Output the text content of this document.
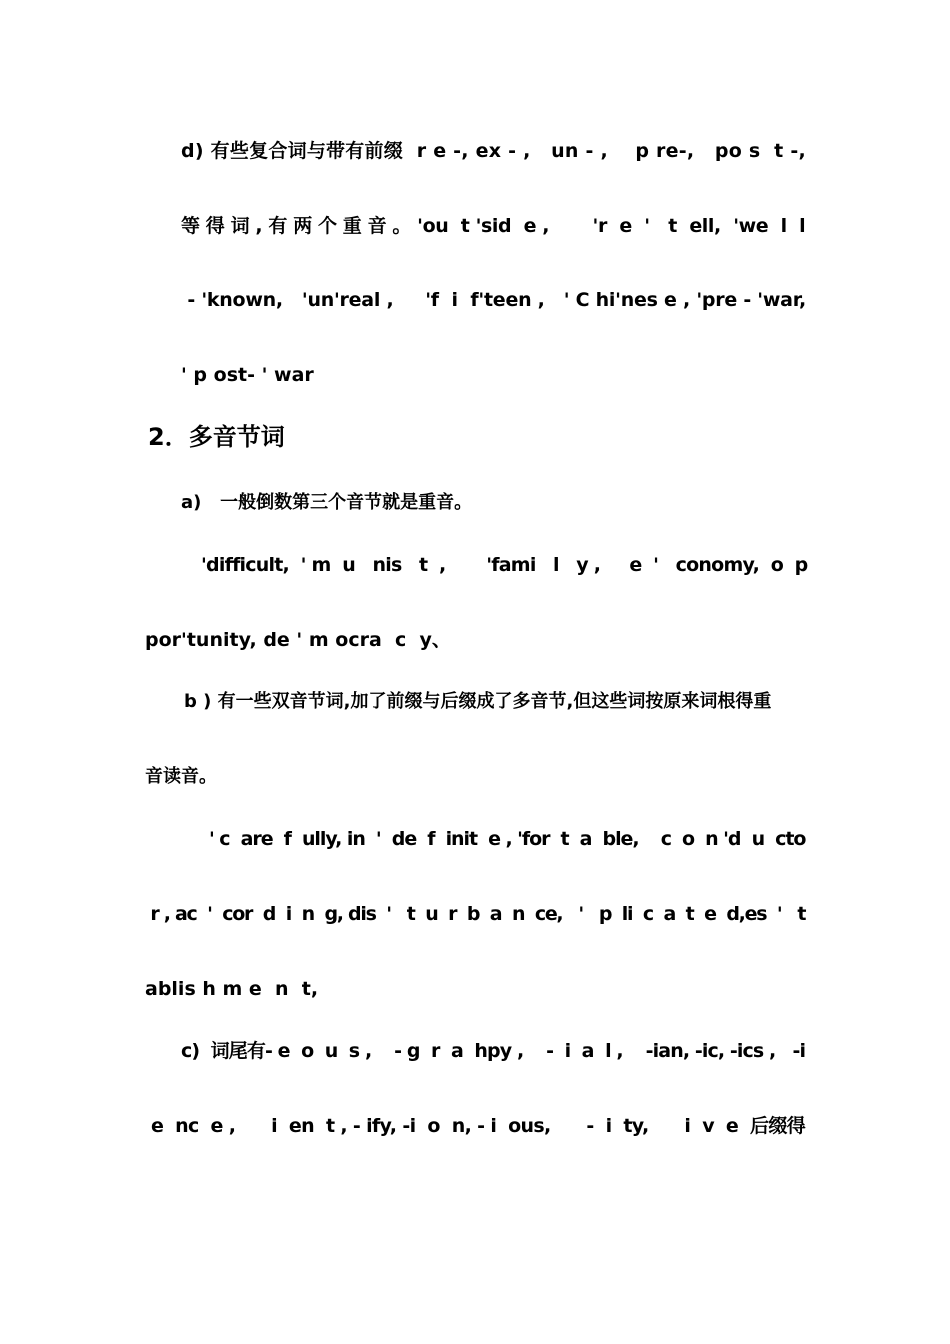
d) 有些复合词与带有前缀  r e -, ex - ,   un - ,    p re-,   po s  t -,
等 得 词 , 有 两 个 重 音 。 'ou  t 'sid  e ,       'r  e  '   t  ell,  'we  l  l
- 'known,   'un'real ,     'f  i  f'teen ,   ' C hi'nes e , 'pre - 'war,
' p ost- ' war
2．多音节词
a)   一般倒数第三个音节就是重音。
'difficult,  ' m  u   nis   t  ,       'fami   l   y ,     e  '   conomy,  o  p
por'tunity, de ' m ocra  c  y、
b ) 有一些双音节词,加了前缀与后缀成了多音节,但这些词按原来词根得重
音读音。
' c  are  f  ully, in  '  de  f  init  e , 'for  t  a  ble,    c  o  n 'd  u  cto
r , ac  '  cor  d  i  n  g, dis  '   t  u  r  b  a  n  ce,   '   p  li  c  a  t  e  d,es  '   t
ablis h m e  n  t,
c)  词尾有- e  o  u  s ,    - g  r  a  hpy ,    -  i  a  l ,    -ian, -ic, -ics ,   -i
e  nc  e ,      i  en  t , - ify, -i  o  n, - i  ous,      -  i  ty,      i  v  e  后缀得
